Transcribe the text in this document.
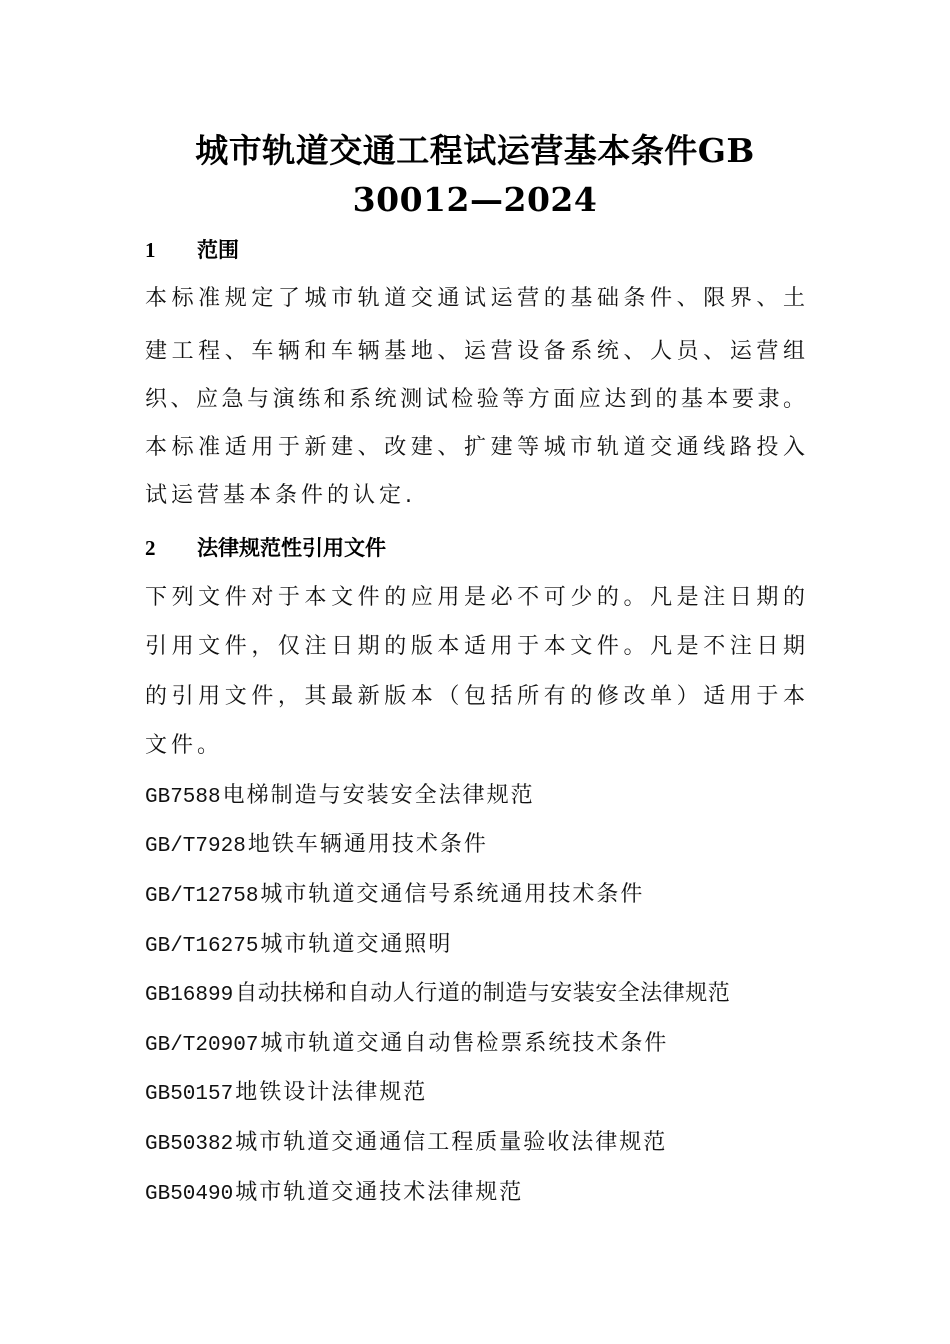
城市轨道交通工程试运营基本条件GB
30012—2024
1 范围
本标准规定了城市轨道交通试运营的基础条件、限界、土
建工程、车辆和车辆基地、运营设备系统、人员、运营组
织、应急与演练和系统测试检验等方面应达到的基本要隶。
本标准适用于新建、改建、扩建等城市轨道交通线路投入
试运营基本条件的认定.
2 法律规范性引用文件
下列文件对于本文件的应用是必不可少的。凡是注日期的
引用文件，仅注日期的版本适用于本文件。凡是不注日期
的引用文件，其最新版本（包括所有的修改单）适用于本
文件。
GB7588电梯制造与安装安全法律规范
GB/T7928地铁车辆通用技术条件
GB/T12758城市轨道交通信号系统通用技术条件
GB/T16275城市轨道交通照明
GB16899自动扶梯和自动人行道的制造与安装安全法律规范
GB/T20907城市轨道交通自动售检票系统技术条件
GB50157地铁设计法律规范
GB50382城市轨道交通通信工程质量验收法律规范
GB50490城市轨道交通技术法律规范
